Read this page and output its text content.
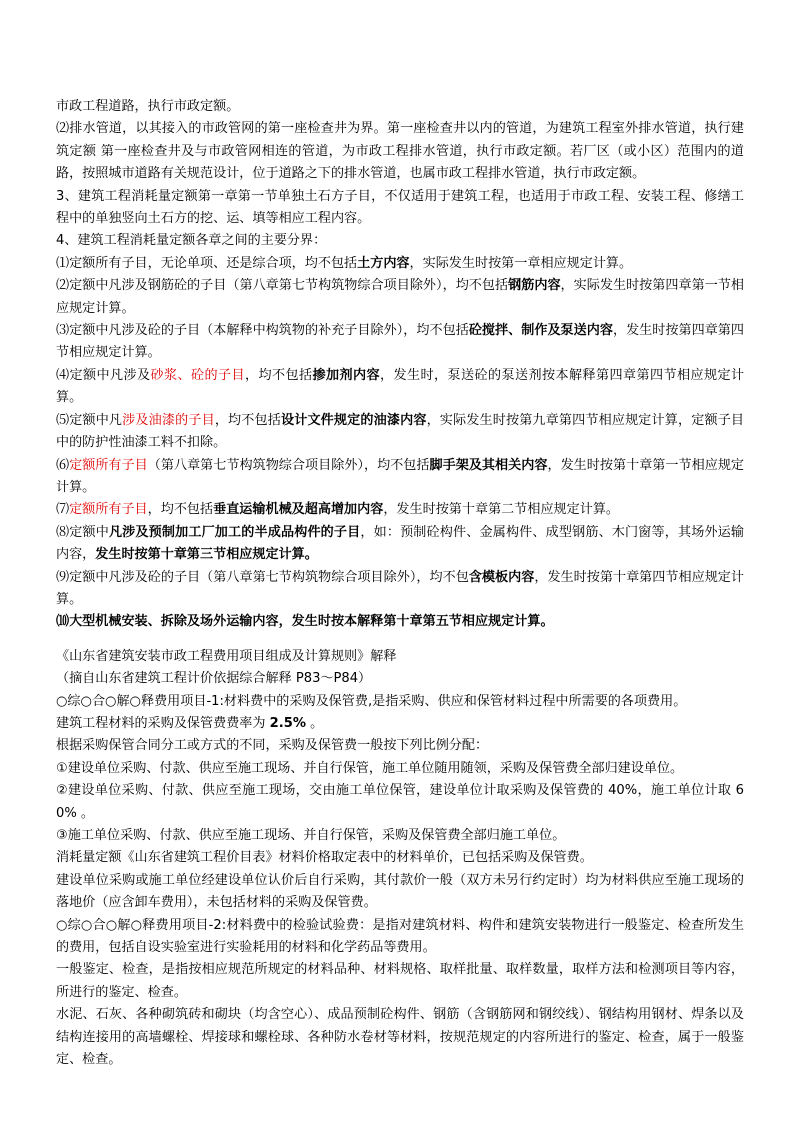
市政工程道路，执行市政定额。

⑵排水管道，以其接入的市政管网的第一座检查井为界。第一座检查井以内的管道，为建筑工程室外排水管道，执行建筑定额 第一座检查井及与市政管网相连的管道，为市政工程排水管道，执行市政定额。若厂区（或小区）范围内的道路，按照城市道路有关规范设计，位于道路之下的排水管道，也属市政工程排水管道，执行市政定额。

3、建筑工程消耗量定额第一章第一节单独土石方子目，不仅适用于建筑工程，也适用于市政工程、安装工程、修缮工程中的单独竖向土石方的挖、运、填等相应工程内容。

4、建筑工程消耗量定额各章之间的主要分界：

⑴定额所有子目，无论单项、还是综合项，均不包括土方内容，实际发生时按第一章相应规定计算。

⑵定额中凡涉及钢筋砼的子目（第八章第七节构筑物综合项目除外），均不包括钢筋内容，实际发生时按第四章第一节相应规定计算。

⑶定额中凡涉及砼的子目（本解释中构筑物的补充子目除外），均不包括砼搅拌、制作及泵送内容，发生时按第四章第四节相应规定计算。

⑷定额中凡涉及砂浆、砼的子目，均不包括掺加剂内容，发生时，泵送砼的泵送剂按本解释第四章第四节相应规定计算。

⑸定额中凡涉及油漆的子目，均不包括设计文件规定的油漆内容，实际发生时按第九章第四节相应规定计算，定额子目中的防护性油漆工料不扣除。

⑹定额所有子目（第八章第七节构筑物综合项目除外），均不包括脚手架及其相关内容，发生时按第十章第一节相应规定计算。

⑺定额所有子目，均不包括垂直运输机械及超高增加内容，发生时按第十章第二节相应规定计算。

⑻定额中凡涉及预制加工厂加工的半成品构件的子目，如：预制砼构件、金属构件、成型钢筋、木门窗等，其场外运输内容，发生时按第十章第三节相应规定计算。

⑼定额中凡涉及砼的子目（第八章第七节构筑物综合项目除外），均不包含模板内容，发生时按第十章第四节相应规定计算。

⑽大型机械安装、拆除及场外运输内容，发生时按本解释第十章第五节相应规定计算。

《山东省建筑安装市政工程费用项目组成及计算规则》解释

（摘自山东省建筑工程计价依据综合解释 P83～P84）

○综○合○解○释费用项目-1:材料费中的采购及保管费,是指采购、供应和保管材料过程中所需要的各项费用。

建筑工程材料的采购及保管费费率为 2.5% 。

根据采购保管合同分工或方式的不同，采购及保管费一般按下列比例分配：

①建设单位采购、付款、供应至施工现场、并自行保管，施工单位随用随领，采购及保管费全部归建设单位。

②建设单位采购、付款、供应至施工现场，交由施工单位保管，建设单位计取采购及保管费的 40%，施工单位计取 60% 。

③施工单位采购、付款、供应至施工现场、并自行保管，采购及保管费全部归施工单位。

消耗量定额《山东省建筑工程价目表》材料价格取定表中的材料单价，已包括采购及保管费。

建设单位采购或施工单位经建设单位认价后自行采购，其付款价一般（双方未另行约定时）均为材料供应至施工现场的落地价（应含卸车费用），未包括材料的采购及保管费。

○综○合○解○释费用项目-2:材料费中的检验试验费：是指对建筑材料、构件和建筑安装物进行一般鉴定、检查所发生的费用，包括自设实验室进行实验耗用的材料和化学药品等费用。

一般鉴定、检查，是指按相应规范所规定的材料品种、材料规格、取样批量、取样数量，取样方法和检测项目等内容，所进行的鉴定、检查。

水泥、石灰、各种砌筑砖和砌块（均含空心）、成品预制砼构件、钢筋（含钢筋网和钢绞线）、钢结构用钢材、焊条以及结构连接用的高墙螺栓、焊接球和螺栓球、各种防水卷材等材料，按规范规定的内容所进行的鉴定、检查，属于一般鉴定、检查。
